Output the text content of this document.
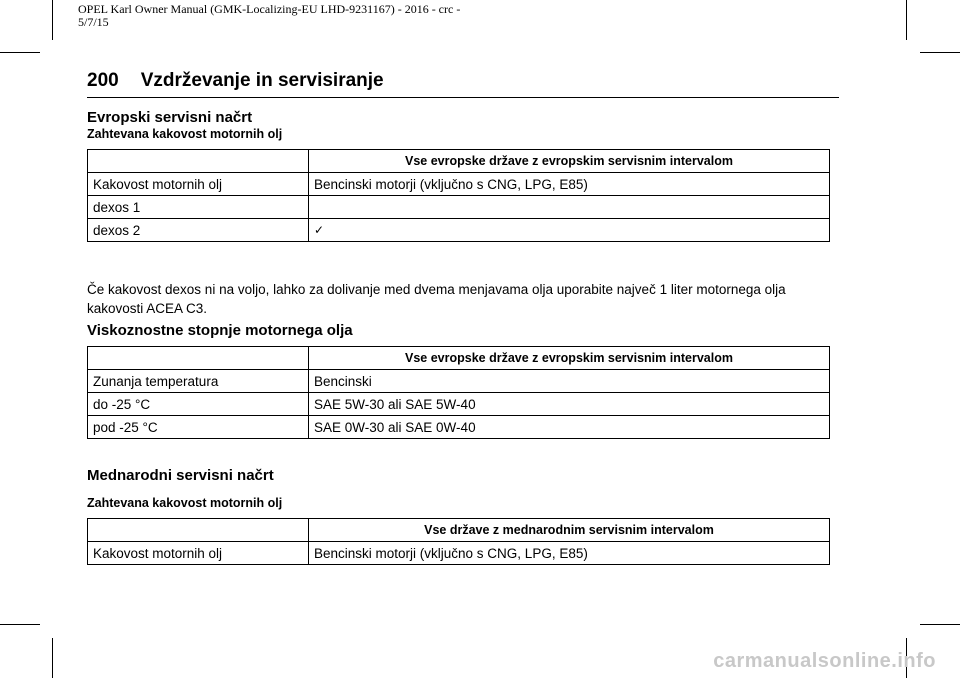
OPEL Karl Owner Manual (GMK-Localizing-EU LHD-9231167) - 2016 - crc -
5/7/15
200 Vzdrževanje in servisiranje
Evropski servisni načrt
Zahtevana kakovost motornih olj
	Vse evropske države z evropskim servisnim intervalom
Kakovost motornih olj	Bencinski motorji (vključno s CNG, LPG, E85)
dexos 1	
dexos 2	✓
Če kakovost dexos ni na voljo, lahko za dolivanje med dvema menjavama olja uporabite največ 1 liter motornega olja kakovosti ACEA C3.
Viskoznostne stopnje motornega olja
	Vse evropske države z evropskim servisnim intervalom
Zunanja temperatura	Bencinski
do -25 °C	SAE 5W-30 ali SAE 5W-40
pod -25 °C	SAE 0W-30 ali SAE 0W-40
Mednarodni servisni načrt
Zahtevana kakovost motornih olj
	Vse države z mednarodnim servisnim intervalom
Kakovost motornih olj	Bencinski motorji (vključno s CNG, LPG, E85)
carmanualsonline.info
